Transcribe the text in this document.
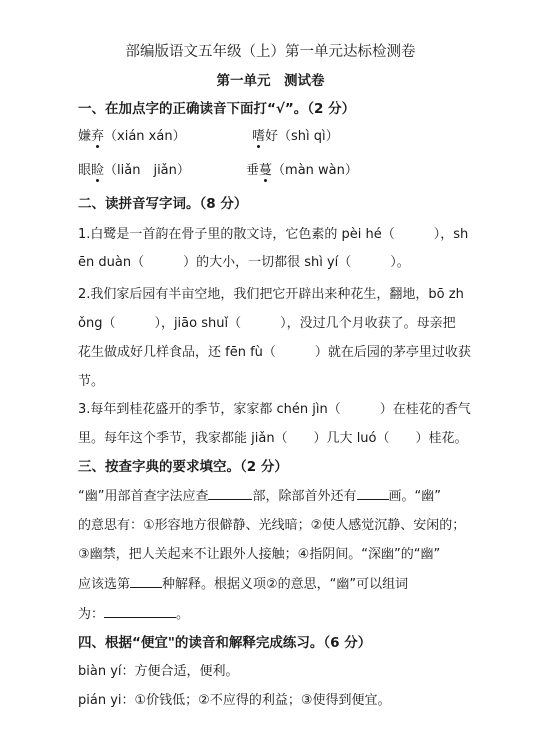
部编版语文五年级（上）第一单元达标检测卷
第一单元　测试卷
一、在加点字的正确读音下面打“√”。（2 分）
嫌弃（xián xán）	嗜好（shì qì）
眼睑（liǎn　jiǎn）	垂蔓（màn wàn）
二、读拼音写字词。（8 分）
1.白鹭是一首韵在骨子里的散文诗，它色素的 pèi hé（　　　），sh
ēn duàn（　　　）的大小，一切都很 shì yí（　　　）。
2.我们家后园有半亩空地，我们把它开辟出来种花生，翻地，bō zh
ǒng（　　　），jiāo shuǐ（　　　），没过几个月收获了。母亲把
花生做成好几样食品，还 fēn fù（　　　）就在后园的茅亭里过收获
节。
3.每年到桂花盛开的季节，家家都 chén jìn（　　　）在桂花的香气
里。每年这个季节，我家都能 jiǎn（　　）几大 luó（　　）桂花。
三、按查字典的要求填空。（2 分）
“幽”用部首查字法应查	部，除部首外还有 画。“幽”
的意思有：①形容地方很僻静、光线暗；②使人感觉沉静、安闲的；
③幽禁，把人关起来不让跟外人接触；④指阴间。“深幽”的“幽”
应该选第 种解释。根据义项②的意思，“幽”可以组词
为：	。
四、根据“便宜"的读音和解释完成练习。（6 分）
biàn yí：方便合适，便利。
pián yi：①价钱低；②不应得的利益；③使得到便宜。
